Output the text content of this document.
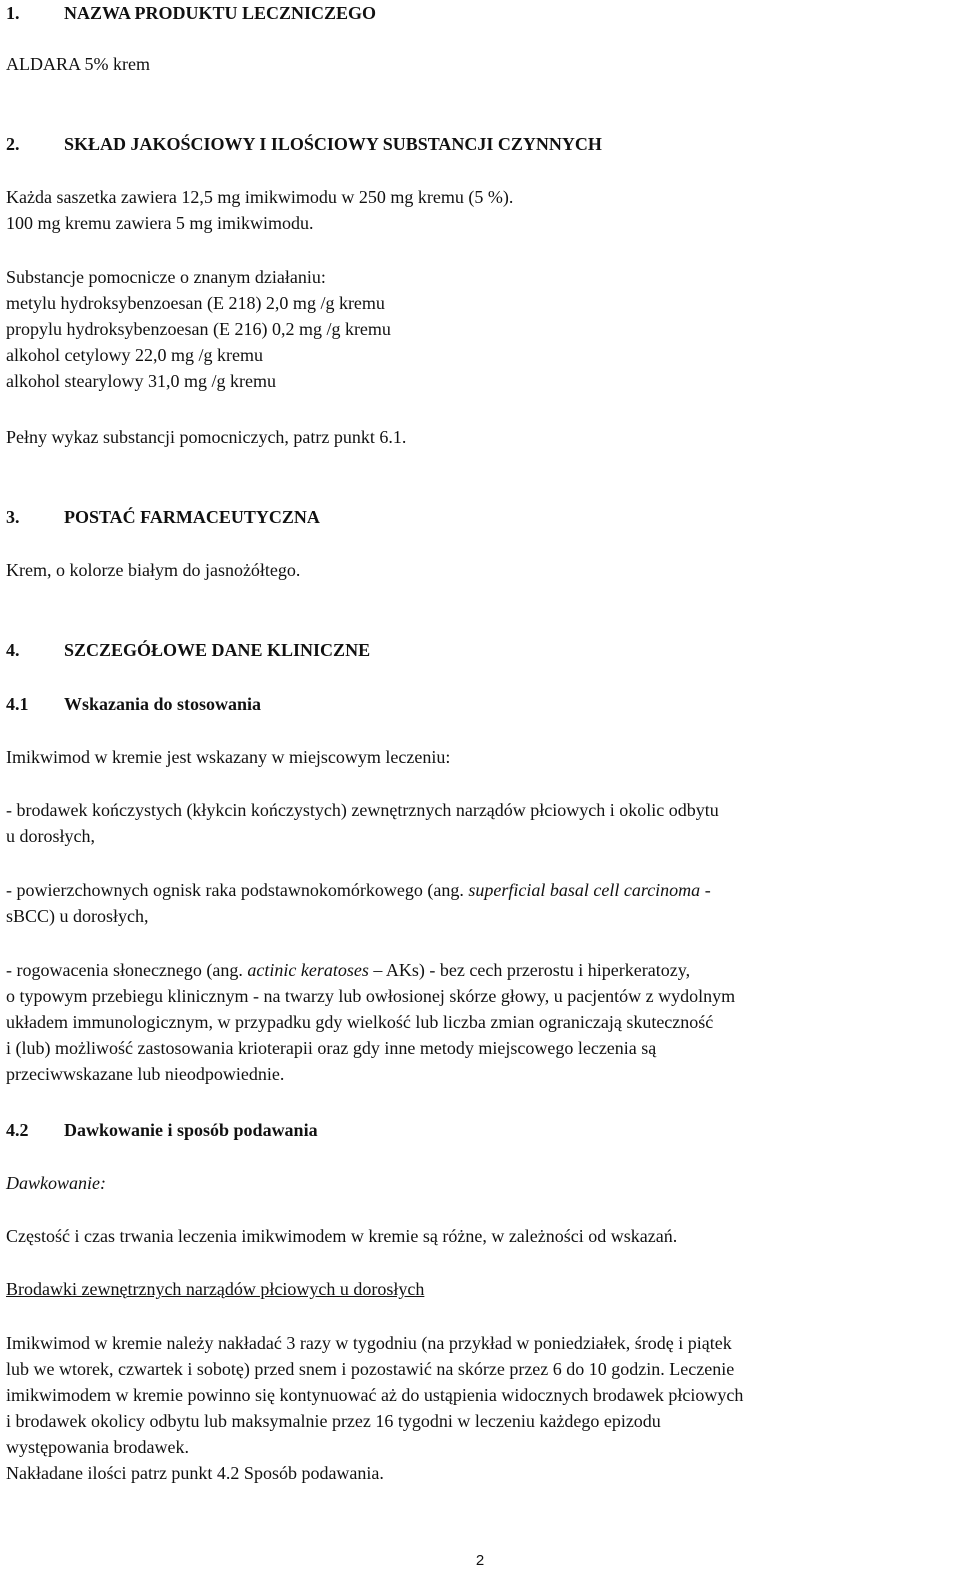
1. NAZWA PRODUKTU LECZNICZEGO
ALDARA 5% krem
2. SKŁAD JAKOŚCIOWY I ILOŚCIOWY SUBSTANCJI CZYNNYCH
Każda saszetka zawiera 12,5 mg imikwimodu w 250 mg kremu (5 %).
100 mg kremu zawiera 5 mg imikwimodu.
Substancje pomocnicze o znanym działaniu:
metylu hydroksybenzoesan (E 218) 2,0 mg /g kremu
propylu hydroksybenzoesan (E 216) 0,2 mg /g kremu
alkohol cetylowy 22,0 mg /g kremu
alkohol stearylowy 31,0 mg /g kremu
Pełny wykaz substancji pomocniczych, patrz punkt 6.1.
3. POSTAĆ FARMACEUTYCZNA
Krem, o kolorze białym do jasnożółtego.
4. SZCZEGÓŁOWE DANE KLINICZNE
4.1 Wskazania do stosowania
Imikwimod w kremie jest wskazany w miejscowym leczeniu:
- brodawek kończystych (kłykcin kończystych) zewnętrznych narządów płciowych i okolic odbytu
u dorosłych,
- powierzchownych ognisk raka podstawnokomórkowego (ang. superficial basal cell carcinoma -
sBCC) u dorosłych,
- rogowacenia słonecznego (ang. actinic keratoses – AKs) - bez cech przerostu i hiperkeratozy,
o typowym przebiegu klinicznym - na twarzy lub owłosionej skórze głowy, u pacjentów z wydolnym
układem immunologicznym, w przypadku gdy wielkość lub liczba zmian ograniczają skuteczność
i (lub) możliwość zastosowania krioterapii oraz gdy inne metody miejscowego leczenia są
przeciwwskazane lub nieodpowiednie.
4.2 Dawkowanie i sposób podawania
Dawkowanie:
Częstość i czas trwania leczenia imikwimodem w kremie są różne, w zależności od wskazań.
Brodawki zewnętrznych narządów płciowych u dorosłych
Imikwimod w kremie należy nakładać 3 razy w tygodniu (na przykład w poniedziałek, środę i piątek
lub we wtorek, czwartek i sobotę) przed snem i pozostawić na skórze przez 6 do 10 godzin. Leczenie
imikwimodem w kremie powinno się kontynuować aż do ustąpienia widocznych brodawek płciowych
i brodawek okolicy odbytu lub maksymalnie przez 16 tygodni w leczeniu każdego epizodu
występowania brodawek.
Nakładane ilości patrz punkt 4.2 Sposób podawania.
2
